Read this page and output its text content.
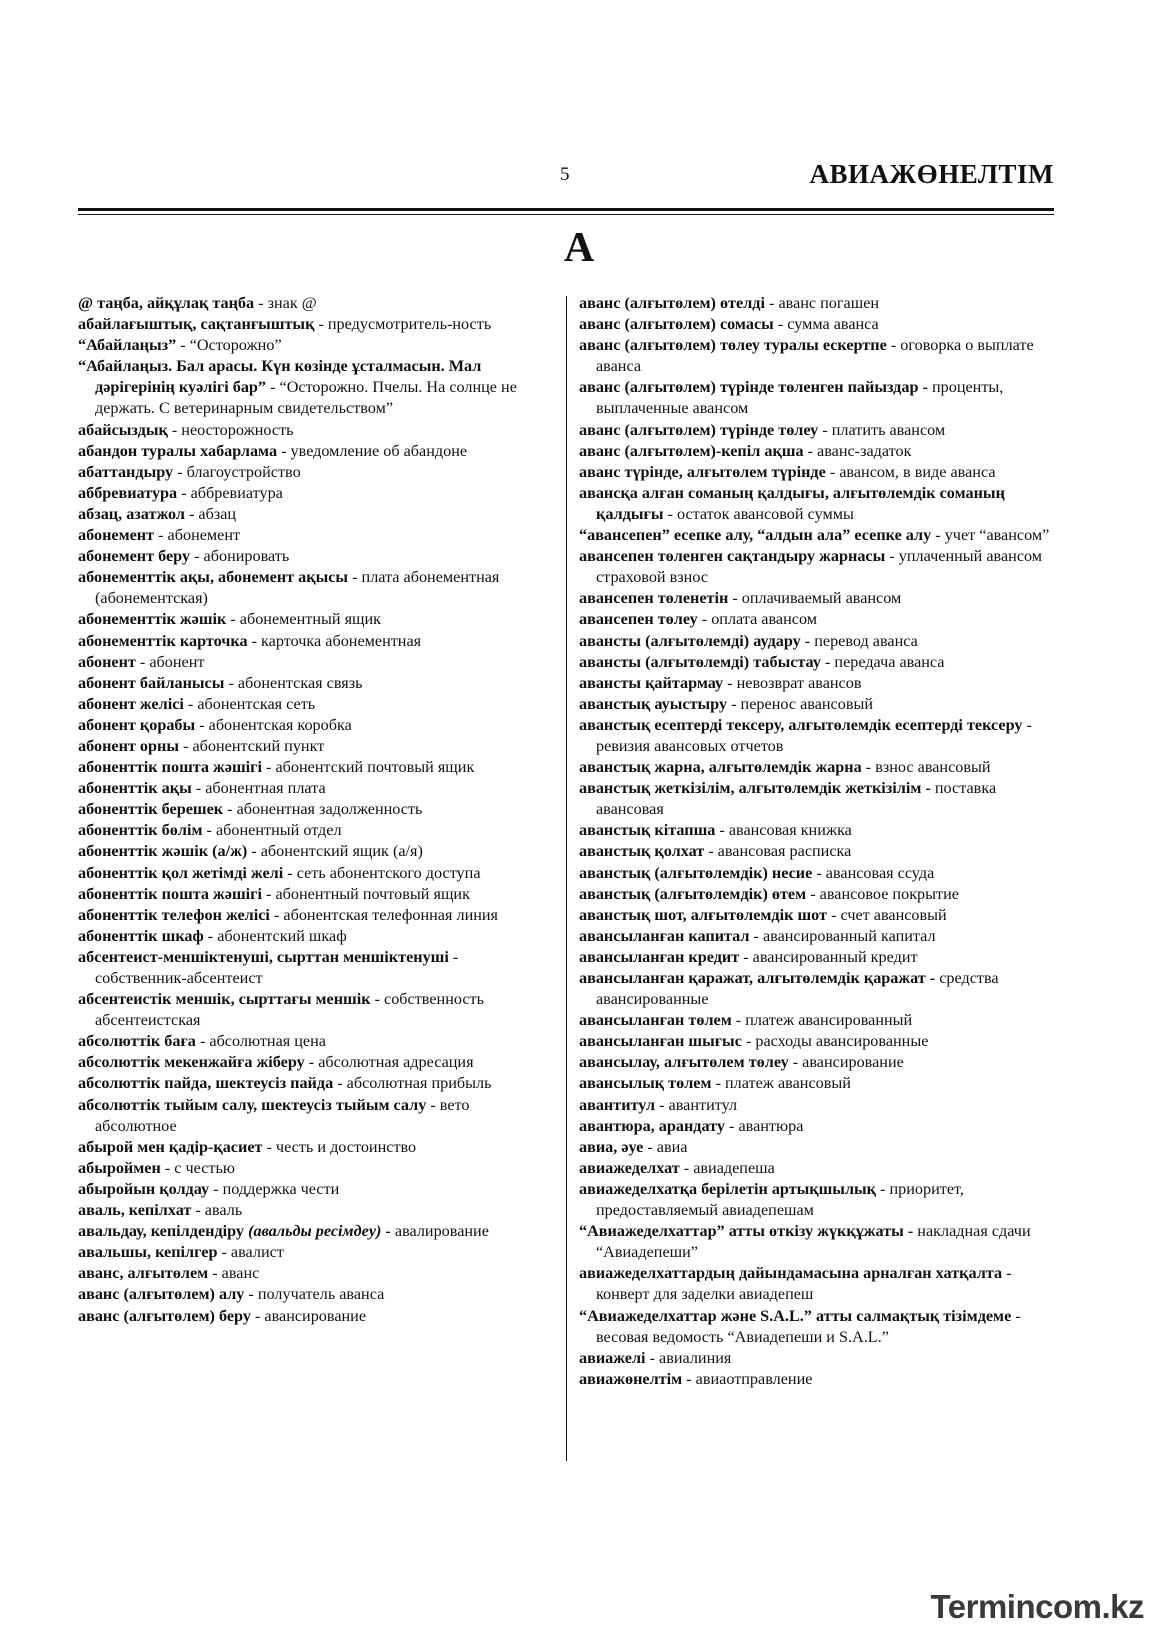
5	АВИАЖӨНЕЛТІМ
А
@ таңба, айқұлақ таңба - знак @
абайлағыштық, сақтанғыштық - предусмотритель-ность
“Абайлаңыз” - “Осторожно”
“Абайлаңыз. Бал арасы. Күн көзінде ұсталмасын. Мал дәрігерінің куәлігі бар” - “Осторожно. Пчелы. На солнце не держать. С ветеринарным свидетельством”
абайсыздық - неосторожность
абандон туралы хабарлама - уведомление об абандоне
абаттандыру - благоустройство
аббревиатура - аббревиатура
абзац, азатжол - абзац
абонемент - абонемент
абонемент беру - абонировать
абонементтік ақы, абонемент ақысы - плата абонементная (абонементская)
абонементтік жәшік - абонементный ящик
абонементтік карточка - карточка абонементная
абонент - абонент
абонент байланысы - абонентская связь
абонент желісі - абонентская сеть
абонент қорабы - абонентская коробка
абонент орны - абонентский пункт
абоненттік пошта жәшігі - абонентский почтовый ящик
абоненттік ақы - абонентная плата
абоненттік берешек - абонентная задолженность
абоненттік бөлім - абонентный отдел
абоненттік жәшік (а/ж) - абонентский ящик (а/я)
абоненттік қол жетімді желі - сеть абонентского доступа
абоненттік пошта жәшігі - абонентный почтовый ящик
абоненттік телефон желісі - абонентская телефонная линия
абоненттік шкаф - абонентский шкаф
абсентеист-меншіктенуші, сырттан меншіктенуші - собственник-абсентеист
абсентеистік меншік, сырттағы меншік - собственность абсентеистская
абсолюттік баға - абсолютная цена
абсолюттік мекенжайға жіберу - абсолютная адресация
абсолюттік пайда, шектеусіз пайда - абсолютная прибыль
абсолюттік тыйым салу, шектеусіз тыйым салу - вето абсолютное
абырой мен қадір-қасиет - честь и достоинство
абыроймен - с честью
абыройын қолдау - поддержка чести
аваль, кепілхат - аваль
авальдау, кепілдендіру (авальды ресімдеу) - авалирование
авальшы, кепілгер - авалист
аванс, алғытөлем - аванс
аванс (алғытөлем) алу - получатель аванса
аванс (алғытөлем) беру - авансирование
аванс (алғытөлем) өтелді - аванс погашен
аванс (алғытөлем) сомасы - сумма аванса
аванс (алғытөлем) төлеу туралы ескертпе - оговорка о выплате аванса
аванс (алғытөлем) түрінде төленген пайыздар - проценты, выплаченные авансом
аванс (алғытөлем) түрінде төлеу - платить авансом
аванс (алғытөлем)-кепіл ақша - аванс-задаток
аванс түрінде, алғытөлем түрінде - авансом, в виде аванса
авансқа алған соманың қалдығы, алғытөлемдік соманың қалдығы - остаток авансовой суммы
“авансепен” есепке алу, “алдын ала” есепке алу - учет “авансом”
авансепен төленген сақтандыру жарнасы - уплаченный авансом страховой взнос
авансепен төленетін - оплачиваемый авансом
авансепен төлеу - оплата авансом
авансты (алғытөлемді) аудару - перевод аванса
авансты (алғытөлемді) табыстау - передача аванса
авансты қайтармау - невозврат авансов
аванстық ауыстыру - перенос авансовый
аванстық есептерді тексеру, алғытөлемдік есептерді тексеру - ревизия авансовых отчетов
аванстық жарна, алғытөлемдік жарна - взнос авансовый
аванстық жеткізілім, алғытөлемдік жеткізілім - поставка авансовая
аванстық кітапша - авансовая книжка
аванстық қолхат - авансовая расписка
аванстық (алғытөлемдік) несие - авансовая ссуда
аванстық (алғытөлемдік) өтем - авансовое покрытие
аванстық шот, алғытөлемдік шот - счет авансовый
авансыланған капитал - авансированный капитал
авансыланған кредит - авансированный кредит
авансыланған қаражат, алғытөлемдік қаражат - средства авансированные
авансыланған төлем - платеж авансированный
авансыланған шығыс - расходы авансированные
авансылау, алғытөлем төлеу - авансирование
авансылық төлем - платеж авансовый
авантитул - авантитул
авантюра, арандату - авантюра
авиа, әуе - авиа
авиажеделхат - авиадепеша
авиажеделхатқа берілетін артықшылық - приоритет, предоставляемый авиадепешам
“Авиажеделхаттар” атты өткізу жүкқұжаты - накладная сдачи “Авиадепеши”
авиажеделхаттардың дайындамасына арналған хатқалта - конверт для заделки авиадепеш
“Авиажеделхаттар және S.A.L.” атты салмақтық тізімдеме - весовая ведомость “Авиадепеши и S.A.L.”
авиажелі - авиалиния
авиажөнелтім - авиаотправление
Termincom.kz
